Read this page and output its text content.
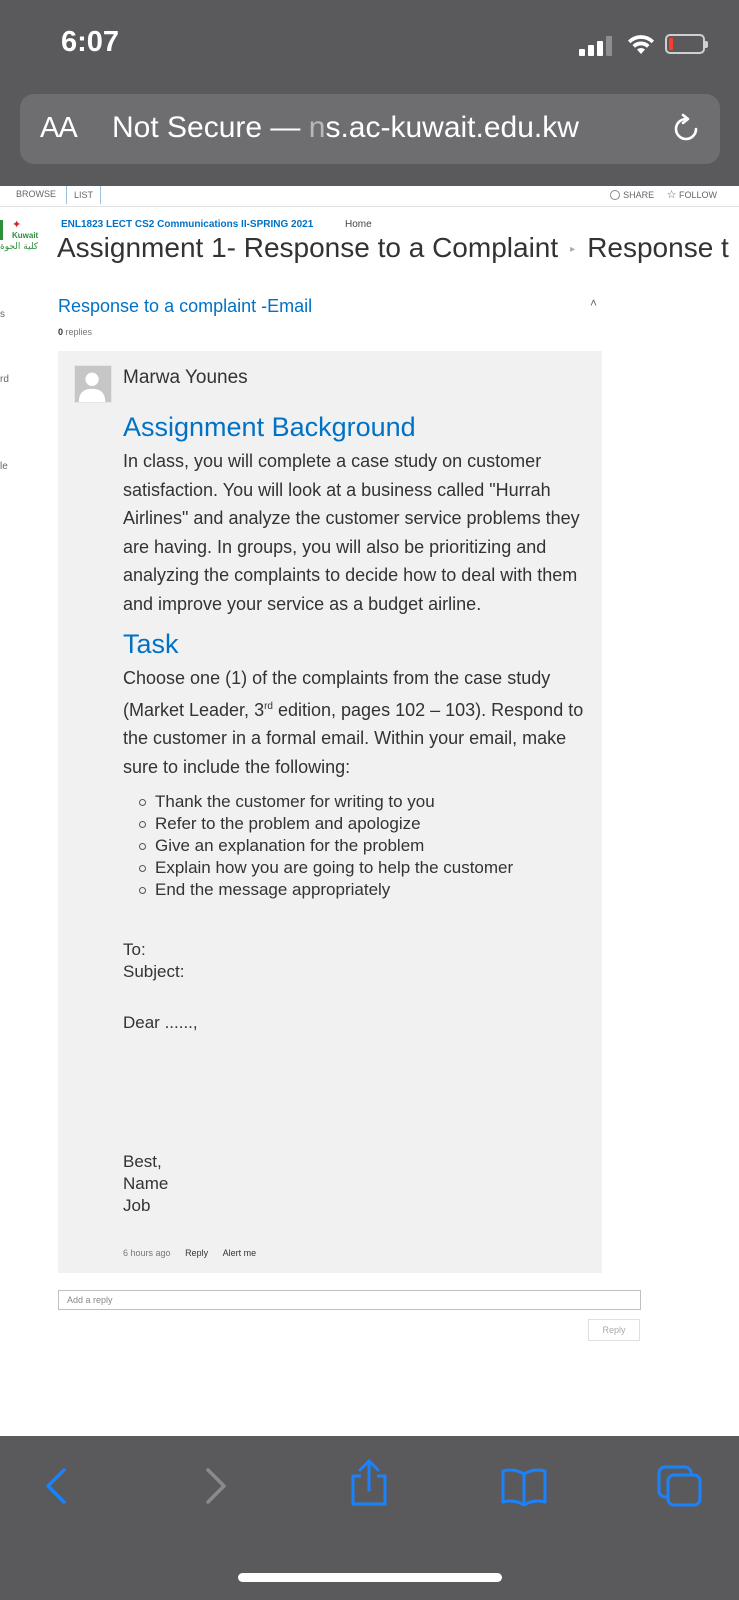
6:07
AA Not Secure — ns.ac-kuwait.edu.kw
BROWSE	LIST	SHARE ☆ FOLLOW
✦
Kuwait
كلية الجوة
s
rd
le
ENL1823 LECT CS2 Communications II-SPRING 2021	Home
Assignment 1- Response to a Complaint ▸ Response t
Response to a complaint -Email	˄
0 replies
Marwa Younes
Assignment Background

In class, you will complete a case study on customer satisfaction. You will look at a business called "Hurrah Airlines" and analyze the customer service problems they are having. In groups, you will also be prioritizing and analyzing the complaints to decide how to deal with them and improve your service as a budget airline.

Task

Choose one (1) of the complaints from the case study (Market Leader, 3rd edition, pages 102 – 103). Respond to the customer in a formal email. Within your email, make sure to include the following:

Thank the customer for writing to you
Refer to the problem and apologize
Give an explanation for the problem
Explain how you are going to help the customer
End the message appropriately
To:
Subject:
Dear ......,
Best,
Name
Job
6 hours ago Reply Alert me
Add a reply
Reply
